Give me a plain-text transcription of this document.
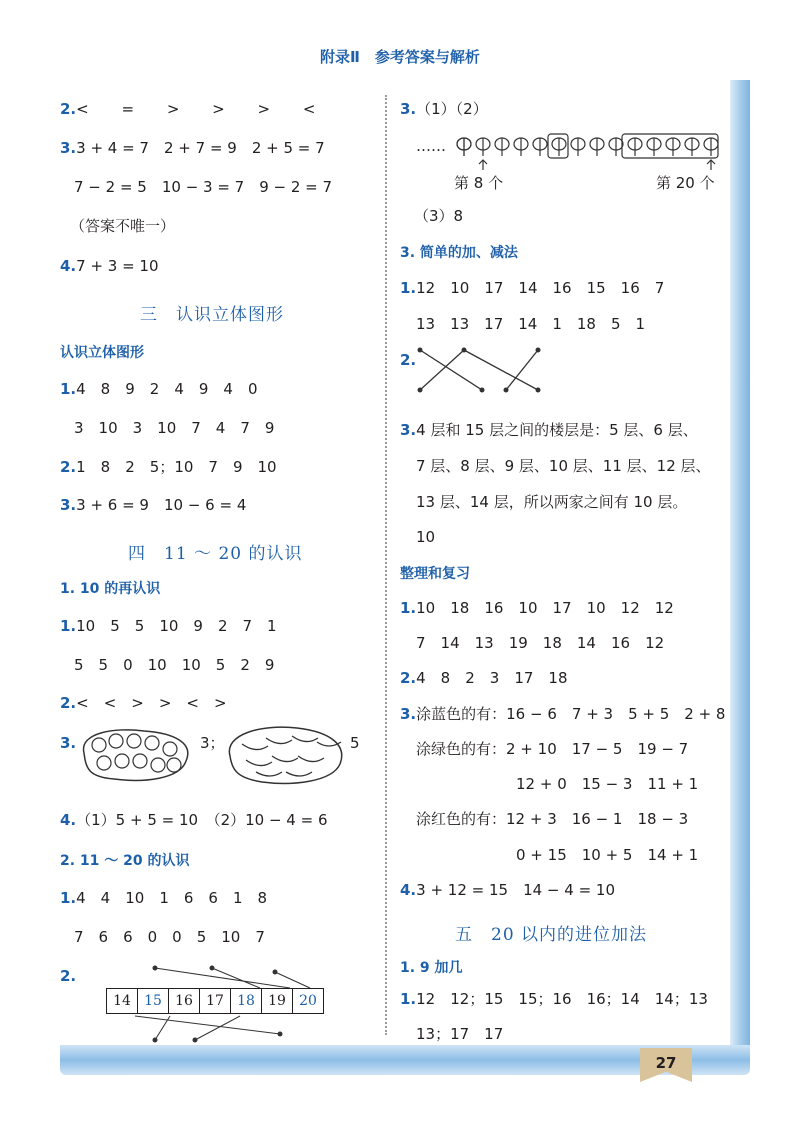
27
附录Ⅱ　参考答案与解析
2.< = > > > <
3.3 + 4 = 7　2 + 7 = 9　2 + 5 = 7
7 − 2 = 5　10 − 3 = 7　9 − 2 = 7
（答案不唯一）
4.7 + 3 = 10
三　认识立体图形
认识立体图形
1.4　8　9　2　4　9　4　0
3　10　3　10　7　4　7　9
2.1　8　2　5；10　7　9　10
3.3 + 6 = 9　10 − 6 = 4
四　11 ～ 20 的认识
1. 10 的再认识
1.10　5　5　10　9　2　7　1
5　5　0　10　10　5　2　9
2.<　<　>　>　<　>
3.	3；	5
4.（1）5 + 5 = 10　（2）10 − 4 = 6
2. 11 ～ 20 的认识
1.4　4　10　1　6　6　1　8
7　6　6　0　0　5　10　7
2.
14 15 16 17 18 19 20
3.（1）（2）
……
第 8 个	第 20 个
（3）8
3. 简单的加、减法
1.12　10　17　14　16　15　16　7
13　13　17　14　1　18　5　1
2.
3.4 层和 15 层之间的楼层是：5 层、6 层、
7 层、8 层、9 层、10 层、11 层、12 层、
13 层、14 层，所以两家之间有 10 层。
10
整理和复习
1.10　18　16　10　17　10　12　12
7　14　13　19　18　14　16　12
2.4　8　2　3　17　18
3.涂蓝色的有：16 − 6　7 + 3　5 + 5　2 + 8
涂绿色的有：2 + 10　17 − 5　19 − 7
12 + 0　15 − 3　11 + 1
涂红色的有：12 + 3　16 − 1　18 − 3
0 + 15　10 + 5　14 + 1
4.3 + 12 = 15　14 − 4 = 10
五　20 以内的进位加法
1. 9 加几
1.12　12；15　15；16　16；14　14；13
13；17　17
